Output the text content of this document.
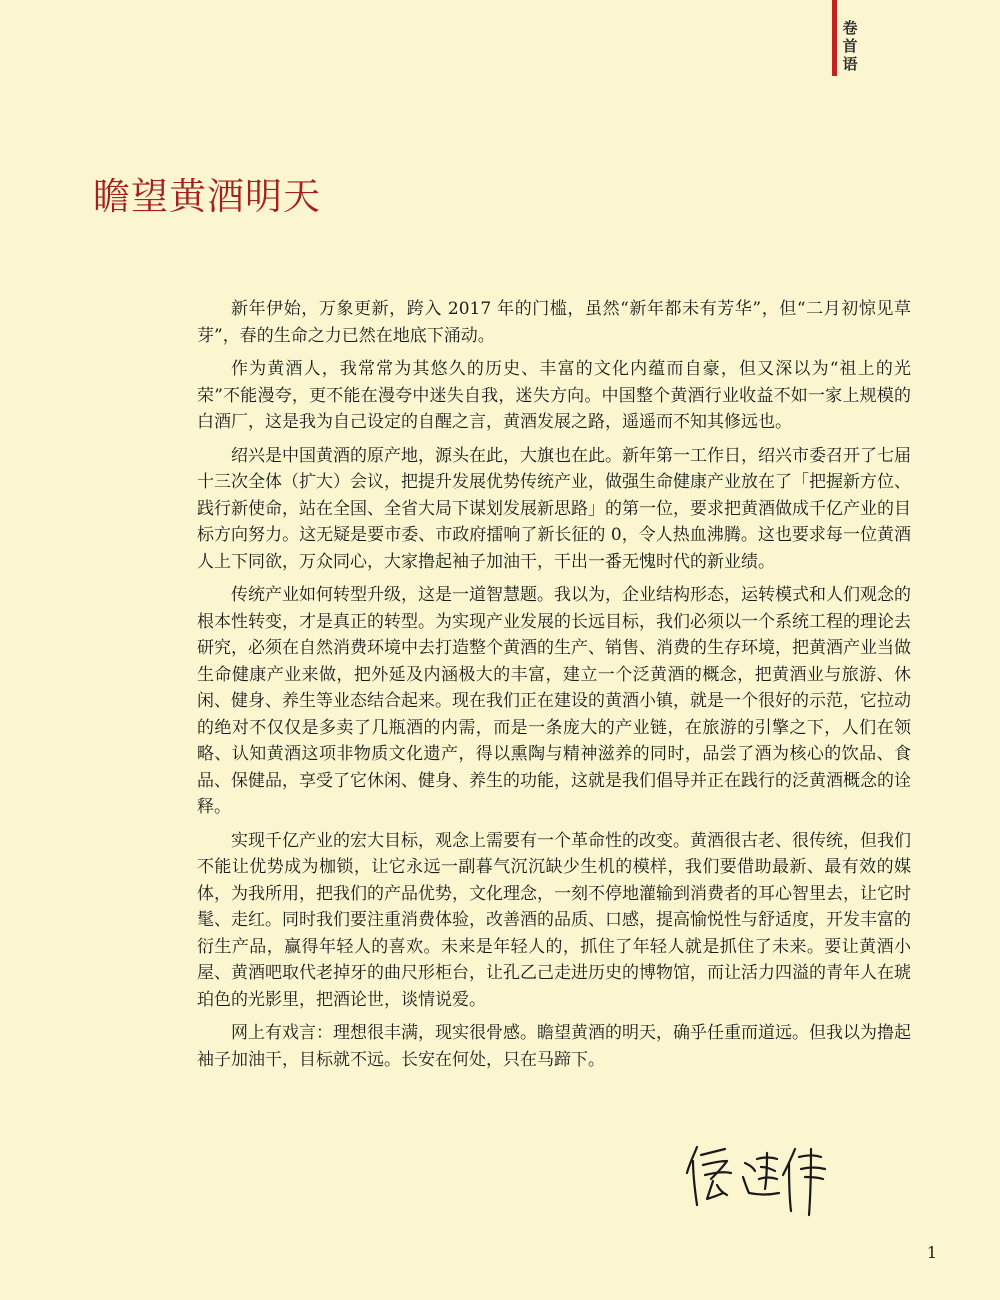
卷
首
语
瞻望黄酒明天

新年伊始，万象更新，跨入 2017 年的门槛，虽然“新年都未有芳华”，但“二月初惊见草芽”，春的生命之力已然在地底下涌动。

作为黄酒人，我常常为其悠久的历史、丰富的文化内蕴而自豪，但又深以为“祖上的光荣”不能漫夸，更不能在漫夸中迷失自我，迷失方向。中国整个黄酒行业收益不如一家上规模的白酒厂，这是我为自己设定的自醒之言，黄酒发展之路，遥遥而不知其修远也。

绍兴是中国黄酒的原产地，源头在此，大旗也在此。新年第一工作日，绍兴市委召开了七届十三次全体（扩大）会议，把提升发展优势传统产业，做强生命健康产业放在了「把握新方位、践行新使命，站在全国、全省大局下谋划发展新思路」的第一位，要求把黄酒做成千亿产业的目标方向努力。这无疑是要市委、市政府擂响了新长征的 0，令人热血沸腾。这也要求每一位黄酒人上下同欲，万众同心，大家撸起袖子加油干，干出一番无愧时代的新业绩。

传统产业如何转型升级，这是一道智慧题。我以为，企业结构形态，运转模式和人们观念的根本性转变，才是真正的转型。为实现产业发展的长远目标，我们必须以一个系统工程的理论去研究，必须在自然消费环境中去打造整个黄酒的生产、销售、消费的生存环境，把黄酒产业当做生命健康产业来做，把外延及内涵极大的丰富，建立一个泛黄酒的概念，把黄酒业与旅游、休闲、健身、养生等业态结合起来。现在我们正在建设的黄酒小镇，就是一个很好的示范，它拉动的绝对不仅仅是多卖了几瓶酒的内需，而是一条庞大的产业链，在旅游的引擎之下，人们在领略、认知黄酒这项非物质文化遗产，得以熏陶与精神滋养的同时，品尝了酒为核心的饮品、食品、保健品，享受了它休闲、健身、养生的功能，这就是我们倡导并正在践行的泛黄酒概念的诠释。

实现千亿产业的宏大目标，观念上需要有一个革命性的改变。黄酒很古老、很传统，但我们不能让优势成为枷锁，让它永远一副暮气沉沉缺少生机的模样，我们要借助最新、最有效的媒体，为我所用，把我们的产品优势，文化理念，一刻不停地灌输到消费者的耳心智里去，让它时髦、走红。同时我们要注重消费体验，改善酒的品质、口感，提高愉悦性与舒适度，开发丰富的衍生产品，赢得年轻人的喜欢。未来是年轻人的，抓住了年轻人就是抓住了未来。要让黄酒小屋、黄酒吧取代老掉牙的曲尺形柜台，让孔乙己走进历史的博物馆，而让活力四溢的青年人在琥珀色的光影里，把酒论世，谈情说爱。

网上有戏言：理想很丰满，现实很骨感。瞻望黄酒的明天，确乎任重而道远。但我以为撸起袖子加油干，目标就不远。长安在何处，只在马蹄下。

1
